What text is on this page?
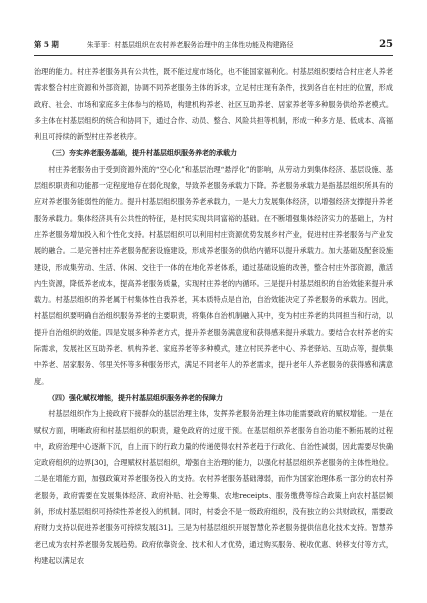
第 5 期	朱菲菲：村基层组织在农村养老服务治理中的主体性功能及构建路径	25

治理的能力。村庄养老服务具有公共性，既不能过度市场化，也不能国家福利化。村基层组织要结合村庄老人养老需求整合村庄资源和外部资源，协调不同养老服务主体的诉求，立足村庄现有条件，找到各自在村庄的位置，形成政府、社会、市场和家庭多主体参与的格局，构建机构养老、社区互助养老、居家养老等多种服务供给养老模式。多主体在村基层组织的统合和协同下，通过合作、动员、整合、风险共担等机制，形成一种多方是、低成本、高福利且可持续的新型村庄养老秩序。

（三）夯实养老服务基础，提升村基层组织服务养老的承载力

村庄养老服务由于受到资源外流的“空心化”和基层治理“悬浮化”的影响，从劳动力到集体经济、基层设施、基层组织职责和功能都一定程度地存在弱化现象，导致养老服务承载力下降。养老服务承载力是指基层组织所具有的应对养老服务能弱性的能力。提升村基层组织服务养老承载力，一是大力发展集体经济，以增强经济支撑提升养老服务承载力。集体经济具有公共性的特征，是村民实现共同富裕的基础。在不断增强集体经济实力的基础上，为村庄养老服务增加投入和个性化支持。村基层组织可以利用村庄资源优势发展乡村产业，促进村庄养老服务与产业发展的融合。二是完善村庄养老服务配套设施建设，形成养老服务的供给内循环以提升承载力。加大基础及配套设施建设，形成集劳动、生活、休闲、交往于一体的在地化养老体系，通过基础设施的改善，整合村庄外部资源，激活内生资源，降低养老成本，提高养老服务质量，实现村庄养老的内循环。三是提升村基层组织的自治效能来提升承载力。村基层组织的养老属于村集体性自我养老，其本质特点是自治，自治效能决定了养老服务的承载力。因此，村基层组织要明确自治组织服务养老的主要职责，将集体自治机制融入其中，变为村庄养老的共同担当和行动，以提升自治组织的效能。四是发展多种养老方式，提升养老服务满意度和获得感来提升承载力。要结合农村养老的实际需求，发展社区互助养老、机构养老、家庭养老等多种模式，建立村民养老中心、养老驿站、互助点等，提供集中养老、居家服务、邻里关怀等多种服务形式，满足不同老年人的养老需求，提升老年人养老服务的获得感和满意度。

（四）强化赋权增能，提升村基层组织服务养老的保障力

村基层组织作为上接政府下接群众的基层治理主体，发挥养老服务治理主体功能需要政府的赋权增能。一是在赋权方面，明晰政府和村基层组织的职责，避免政府的过度干预。在基层组织养老服务自治功能不断拓展的过程中，政府治理中心逐渐下沉，自上而下的行政力量的传递使得农村养老趋于行政化、自治性减弱，因此需要尽快确定政府组织的边界[30]，合理赋权村基层组织，增强自主治理的能力，以强化村基层组织养老服务的主体性地位。二是在增能方面，加强政策对养老服务投入的支持。农村养老服务基础薄弱，而作为国家治理体系一部分的农村养老服务，政府需要在发展集体经济、政府补贴、社会筹集、农地receipts、服务缴费等综合政策上向农村基层倾斜，形成村基层组织可持续性养老投入的机制。同时，村委会不是一级政府组织，没有独立的公共财政权，需要政府财力支持以促进养老服务可持续发展[31]。三是为村基层组织开展智慧化养老服务提供信息化技术支持。智慧养老已成为农村养老服务发展趋势。政府依靠资金、技术和人才优势，通过购买服务、税收优惠、转移支付等方式，构建起以满足农
